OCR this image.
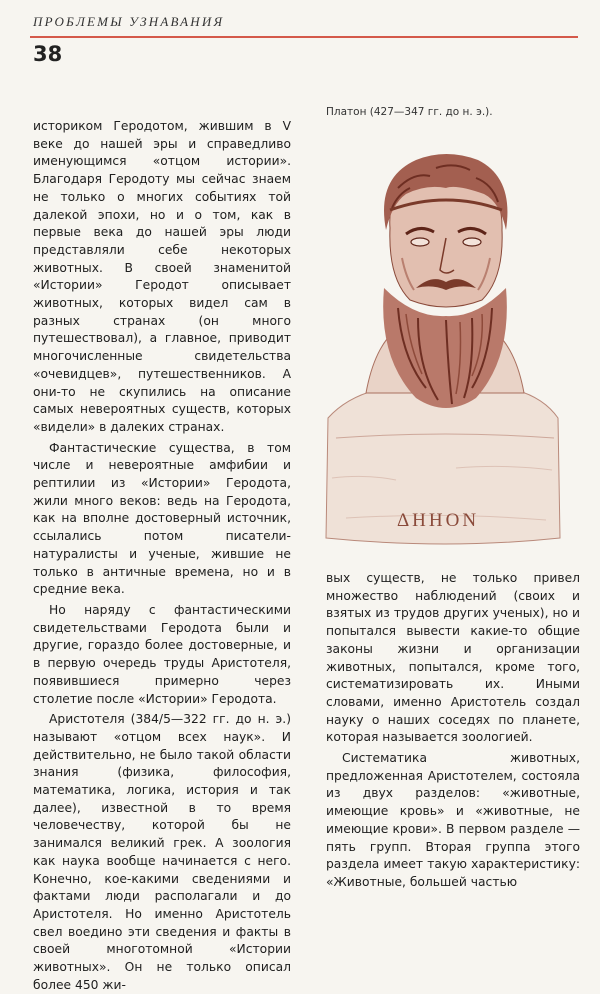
ПРОБЛЕМЫ УЗНАВАНИЯ
38
Платон (427—347 гг. до н. э.).
ΔΗΗΟΝ

историком Геродотом, жившим в V веке до нашей эры и справедливо именующимся «отцом истории». Благодаря Геродоту мы сейчас знаем не только о многих событиях той далекой эпохи, но и о том, как в первые века до нашей эры люди представляли себе некоторых животных. В своей знаменитой «Истории» Геродот описывает животных, которых видел сам в разных странах (он много путешествовал), а главное, приводит многочисленные свидетельства «очевидцев», путешественников. А они-то не скупились на описание самых невероятных существ, которых «видели» в далеких странах.

Фантастические существа, в том числе и невероятные амфибии и рептилии из «Истории» Геродота, жили много веков: ведь на Геродота, как на вполне достоверный источник, ссылались потом писатели-натуралисты и ученые, жившие не только в античные времена, но и в средние века.

Но наряду с фантастическими свидетельствами Геродота были и другие, гораздо более достоверные, и в первую очередь труды Аристотеля, появившиеся примерно через столетие после «Истории» Геродота.

Аристотеля (384/5—322 гг. до н. э.) называют «отцом всех наук». И действительно, не было такой области знания (физика, философия, математика, логика, история и так далее), известной в то время человечеству, которой бы не занимался великий грек. А зоология как наука вообще начинается с него. Конечно, кое-какими сведениями и фактами люди располагали и до Аристотеля. Но именно Аристотель свел воедино эти сведения и факты в своей многотомной «Истории животных». Он не только описал более 450 жи-

вых существ, не только привел множество наблюдений (своих и взятых из трудов других ученых), но и попытался вывести какие-то общие законы жизни и организации животных, попытался, кроме того, систематизировать их. Иными словами, именно Аристотель создал науку о наших соседях по планете, которая называется зоологией.

Систематика животных, предложенная Аристотелем, состояла из двух разделов: «животные, имеющие кровь» и «животные, не имеющие крови». В первом разделе — пять групп. Вторая группа этого раздела имеет такую характеристику: «Животные, большей частью
